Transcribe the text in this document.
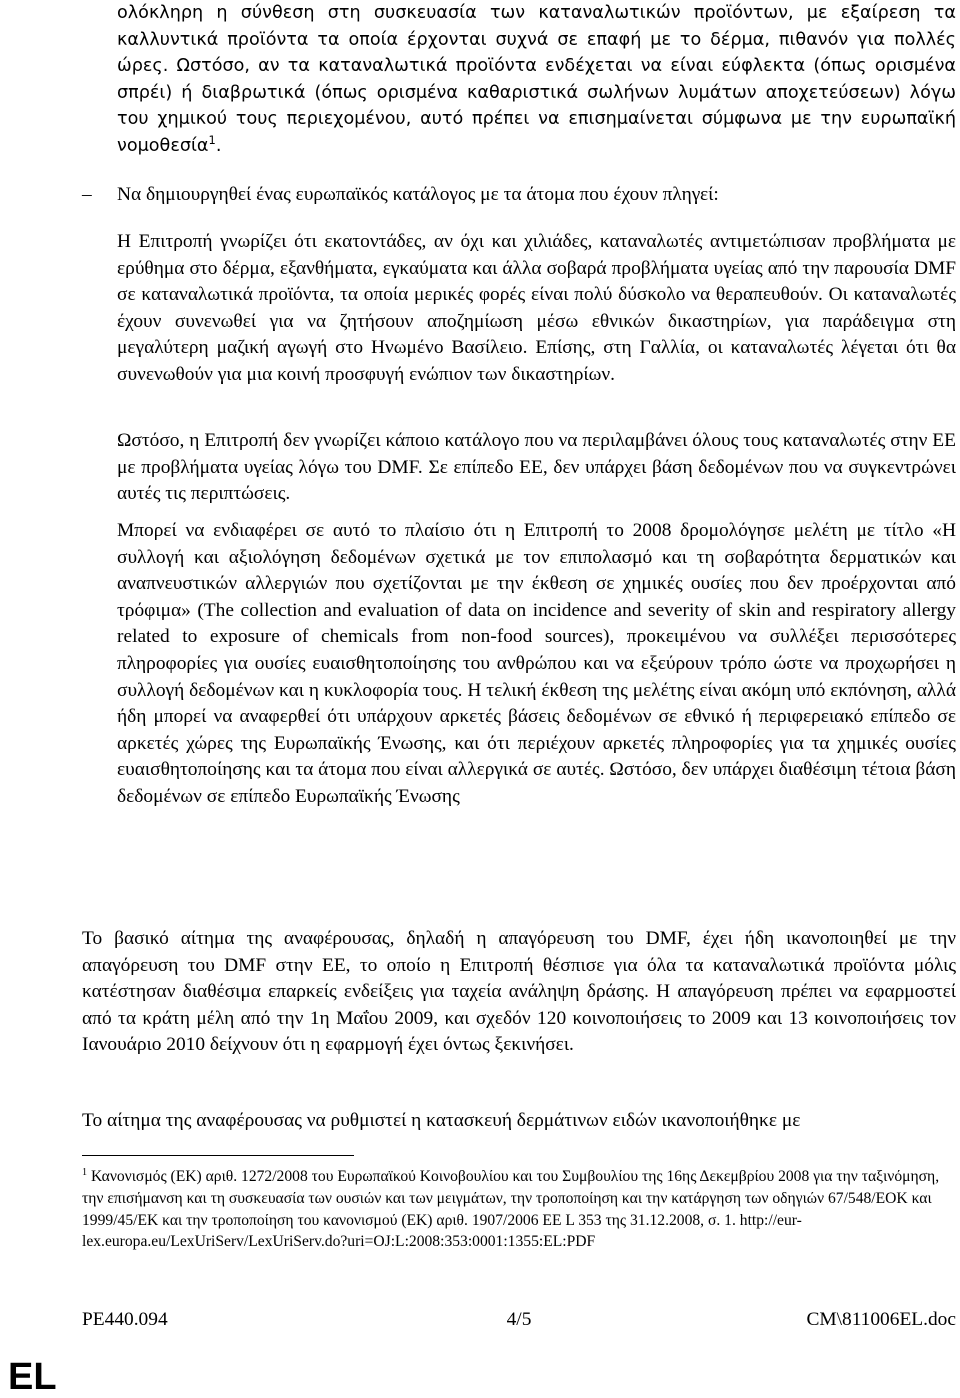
ολόκληρη η σύνθεση στη συσκευασία των καταναλωτικών προϊόντων, με εξαίρεση τα καλλυντικά προϊόντα τα οποία έρχονται συχνά σε επαφή με το δέρμα, πιθανόν για πολλές ώρες. Ωστόσο, αν τα καταναλωτικά προϊόντα ενδέχεται να είναι εύφλεκτα (όπως ορισμένα σπρέι) ή διαβρωτικά (όπως ορισμένα καθαριστικά σωλήνων λυμάτων αποχετεύσεων) λόγω του χημικού τους περιεχομένου, αυτό πρέπει να επισημαίνεται σύμφωνα με την ευρωπαϊκή νομοθεσία$^1$.
– Να δημιουργηθεί ένας ευρωπαϊκός κατάλογος με τα άτομα που έχουν πληγεί:
Η Επιτροπή γνωρίζει ότι εκατοντάδες, αν όχι και χιλιάδες, καταναλωτές αντιμετώπισαν προβλήματα με ερύθημα στο δέρμα, εξανθήματα, εγκαύματα και άλλα σοβαρά προβλήματα υγείας από την παρουσία DMF σε καταναλωτικά προϊόντα, τα οποία μερικές φορές είναι πολύ δύσκολο να θεραπευθούν. Οι καταναλωτές έχουν συνενωθεί για να ζητήσουν αποζημίωση μέσω εθνικών δικαστηρίων, για παράδειγμα στη μεγαλύτερη μαζική αγωγή στο Ηνωμένο Βασίλειο. Επίσης, στη Γαλλία, οι καταναλωτές λέγεται ότι θα συνενωθούν για μια κοινή προσφυγή ενώπιον των δικαστηρίων.
Ωστόσο, η Επιτροπή δεν γνωρίζει κάποιο κατάλογο που να περιλαμβάνει όλους τους καταναλωτές στην ΕΕ με προβλήματα υγείας λόγω του DMF. Σε επίπεδο ΕΕ, δεν υπάρχει βάση δεδομένων που να συγκεντρώνει αυτές τις περιπτώσεις.
Μπορεί να ενδιαφέρει σε αυτό το πλαίσιο ότι η Επιτροπή το 2008 δρομολόγησε μελέτη με τίτλο «Η συλλογή και αξιολόγηση δεδομένων σχετικά με τον επιπολασμό και τη σοβαρότητα δερματικών και αναπνευστικών αλλεργιών που σχετίζονται με την έκθεση σε χημικές ουσίες που δεν προέρχονται από τρόφιμα» (The collection and evaluation of data on incidence and severity of skin and respiratory allergy related to exposure of chemicals from non-food sources), προκειμένου να συλλέξει περισσότερες πληροφορίες για ουσίες ευαισθητοποίησης του ανθρώπου και να εξεύρουν τρόπο ώστε να προχωρήσει η συλλογή δεδομένων και η κυκλοφορία τους. Η τελική έκθεση της μελέτης είναι ακόμη υπό εκπόνηση, αλλά ήδη μπορεί να αναφερθεί ότι υπάρχουν αρκετές βάσεις δεδομένων σε εθνικό ή περιφερειακό επίπεδο σε αρκετές χώρες της Ευρωπαϊκής Ένωσης, και ότι περιέχουν αρκετές πληροφορίες για τα χημικές ουσίες ευαισθητοποίησης και τα άτομα που είναι αλλεργικά σε αυτές. Ωστόσο, δεν υπάρχει διαθέσιμη τέτοια βάση δεδομένων σε επίπεδο Ευρωπαϊκής Ένωσης
Το βασικό αίτημα της αναφέρουσας, δηλαδή η απαγόρευση του DMF, έχει ήδη ικανοποιηθεί με την απαγόρευση του DMF στην ΕΕ, το οποίο η Επιτροπή θέσπισε για όλα τα καταναλωτικά προϊόντα μόλις κατέστησαν διαθέσιμα επαρκείς ενδείξεις για ταχεία ανάληψη δράσης. Η απαγόρευση πρέπει να εφαρμοστεί από τα κράτη μέλη από την 1η Μαΐου 2009, και σχεδόν 120 κοινοποιήσεις το 2009 και 13 κοινοποιήσεις τον Ιανουάριο 2010 δείχνουν ότι η εφαρμογή έχει όντως ξεκινήσει.
Το αίτημα της αναφέρουσας να ρυθμιστεί η κατασκευή δερμάτινων ειδών ικανοποιήθηκε με
$^1$ Κανονισμός (ΕΚ) αριθ. 1272/2008 του Ευρωπαϊκού Κοινοβουλίου και του Συμβουλίου της 16ης Δεκεμβρίου 2008 για την ταξινόμηση, την επισήμανση και τη συσκευασία των ουσιών και των μειγμάτων, την τροποποίηση και την κατάργηση των οδηγιών 67/548/ΕΟΚ και 1999/45/ΕΚ και την τροποποίηση του κανονισμού (ΕΚ) αριθ. 1907/2006 ΕΕ L 353 της 31.12.2008, σ. 1. http://eur-
lex.europa.eu/LexUriServ/LexUriServ.do?uri=OJ:L:2008:353:0001:1355:EL:PDF
PE440.094	4/5	CM\811006EL.doc
EL
